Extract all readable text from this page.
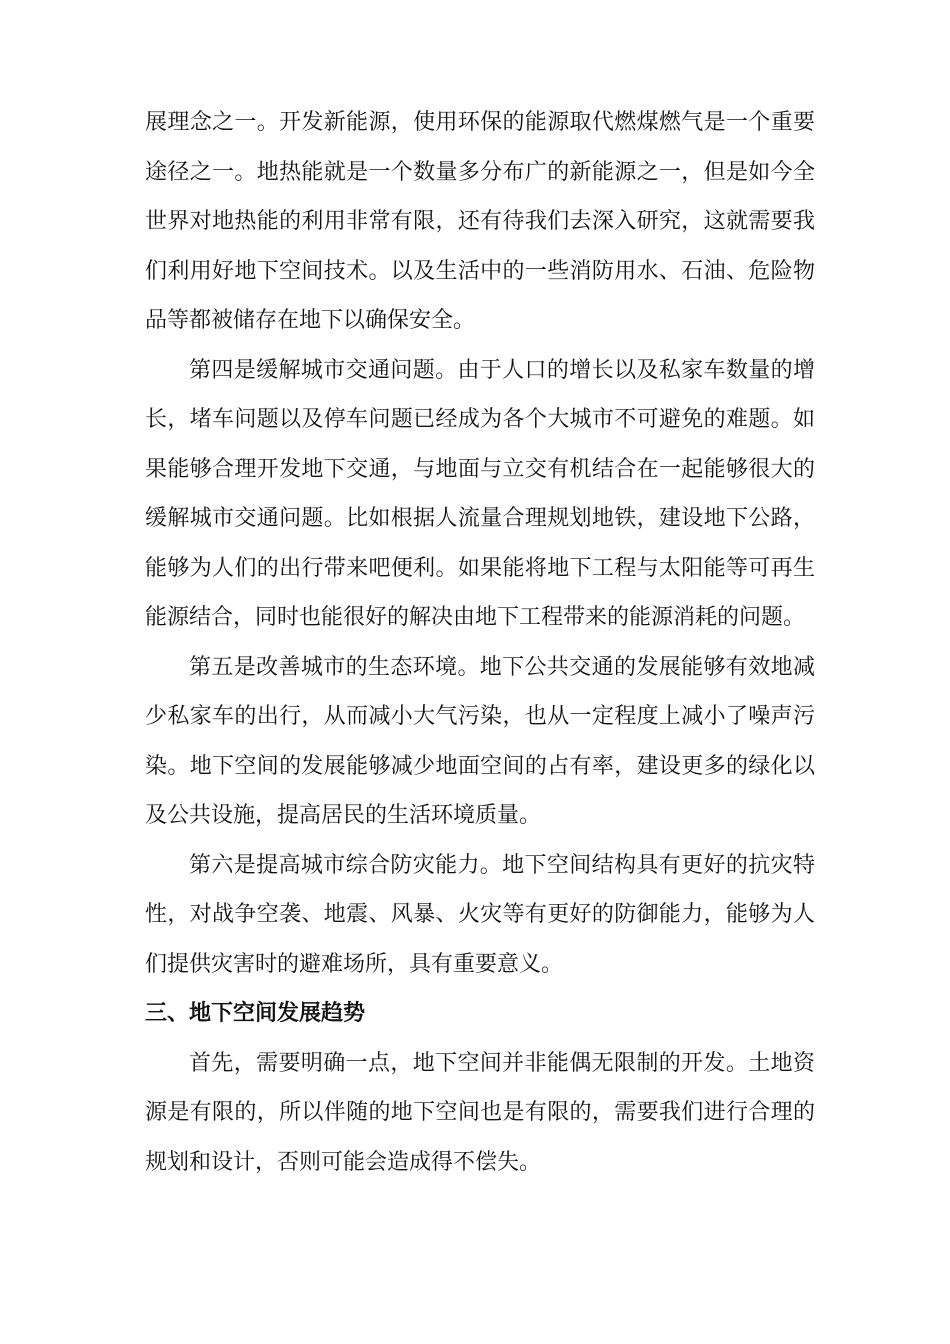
展理念之一。开发新能源，使用环保的能源取代燃煤燃气是一个重要途径之一。地热能就是一个数量多分布广的新能源之一，但是如今全世界对地热能的利用非常有限，还有待我们去深入研究，这就需要我们利用好地下空间技术。以及生活中的一些消防用水、石油、危险物品等都被储存在地下以确保安全。

第四是缓解城市交通问题。由于人口的增长以及私家车数量的增长，堵车问题以及停车问题已经成为各个大城市不可避免的难题。如果能够合理开发地下交通，与地面与立交有机结合在一起能够很大的缓解城市交通问题。比如根据人流量合理规划地铁，建设地下公路，能够为人们的出行带来吧便利。如果能将地下工程与太阳能等可再生能源结合，同时也能很好的解决由地下工程带来的能源消耗的问题。

第五是改善城市的生态环境。地下公共交通的发展能够有效地减少私家车的出行，从而减小大气污染，也从一定程度上减小了噪声污染。地下空间的发展能够减少地面空间的占有率，建设更多的绿化以及公共设施，提高居民的生活环境质量。

第六是提高城市综合防灾能力。地下空间结构具有更好的抗灾特性，对战争空袭、地震、风暴、火灾等有更好的防御能力，能够为人们提供灾害时的避难场所，具有重要意义。

三、地下空间发展趋势

首先，需要明确一点，地下空间并非能偶无限制的开发。土地资源是有限的，所以伴随的地下空间也是有限的，需要我们进行合理的规划和设计，否则可能会造成得不偿失。
